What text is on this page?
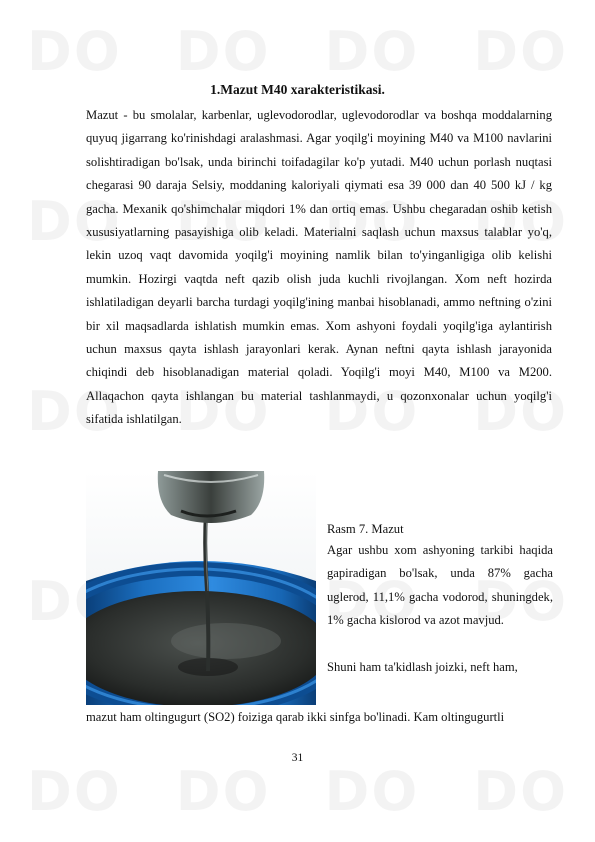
1.Mazut M40 xarakteristikasi.

Mazut - bu smolalar, karbenlar, uglevodorodlar, uglevodorodlar va boshqa moddalarning quyuq jigarrang ko'rinishdagi aralashmasi. Agar yoqilg'i moyining M40 va M100 navlarini solishtiradigan bo'lsak, unda birinchi toifadagilar ko'p yutadi. M40 uchun porlash nuqtasi chegarasi 90 daraja Selsiy, moddaning kaloriyali qiymati esa 39 000 dan 40 500 kJ / kg gacha. Mexanik qo'shimchalar miqdori 1% dan ortiq emas. Ushbu chegaradan oshib ketish xususiyatlarning pasayishiga olib keladi. Materialni saqlash uchun maxsus talablar yo'q, lekin uzoq vaqt davomida yoqilg'i moyining namlik bilan to'yinganligiga olib kelishi mumkin. Hozirgi vaqtda neft qazib olish juda kuchli rivojlangan. Xom neft hozirda ishlatiladigan deyarli barcha turdagi yoqilg'ining manbai hisoblanadi, ammo neftning o'zini bir xil maqsadlarda ishlatish mumkin emas. Xom ashyoni foydali yoqilg'iga aylantirish uchun maxsus qayta ishlash jarayonlari kerak. Aynan neftni qayta ishlash jarayonida chiqindi deb hisoblanadigan material qoladi. Yoqilg'i moyi M40, M100 va M200. Allaqachon qayta ishlangan bu material tashlanmaydi, u qozonxonalar uchun yoqilg'i sifatida ishlatilgan.

Rasm 7. Mazut

Agar ushbu xom ashyoning tarkibi haqida gapiradigan bo'lsak, unda 87% gacha uglerod, 11,1% gacha vodorod, shuningdek, 1% gacha kislorod va azot mavjud.

Shuni ham ta'kidlash joizki, neft ham,

mazut ham oltingugurt (SO2) foiziga qarab ikki sinfga bo'linadi. Kam oltingugurtli

31
